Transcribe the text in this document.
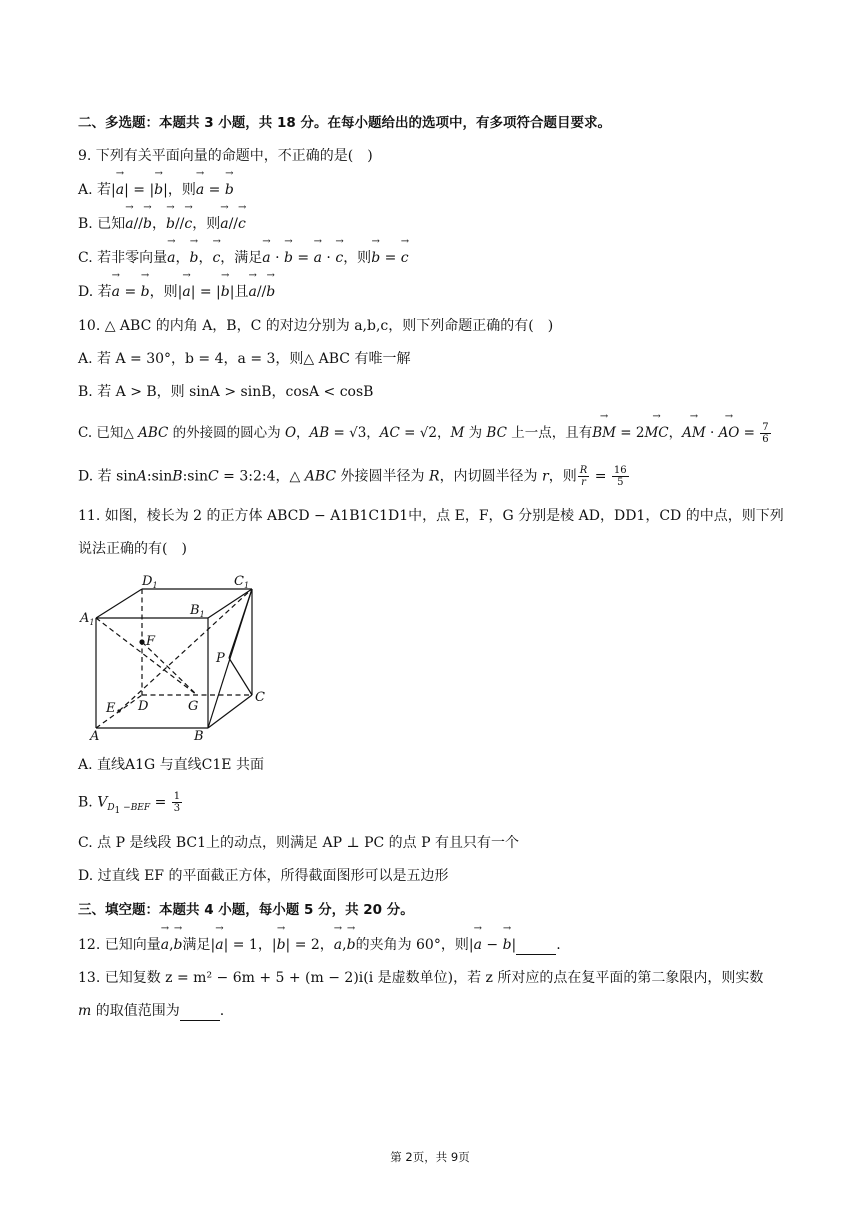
二、多选题：本题共 3 小题，共 18 分。在每小题给出的选项中，有多项符合题目要求。
9. 下列有关平面向量的命题中，不正确的是(　)
A. 若|→ a| = |→ b|，则→ a = → b
B. 已知→ a//→ b，→ b//→ c，则→ a//→ c
C. 若非零向量→ a，→ b，→ c，满足→ a · → b = → a · → c，则→ b = → c
D. 若→ a = → b，则|→ a| = |→ b|且→ a//→ b
10. △ ABC 的内角 A，B，C 的对边分别为 a,b,c，则下列命题正确的有(　)
A. 若 A = 30°，b = 4，a = 3，则△ ABC 有唯一解
B. 若 A > B，则 sinA > sinB，cosA < cosB
C. 已知△ ABC 的外接圆的圆心为 O，AB = √3，AC = √2，M 为 BC 上一点，且有→ BM = 2→ MC，→ AM · → AO = $\frac{7}{6}$
D. 若 sinA:sinB:sinC = 3:2:4，△ ABC 外接圆半径为 R，内切圆半径为 r，则 $\frac{R}{r} = \frac{16}{5}$
11. 如图，棱长为 2 的正方体 ABCD − A1B1C1D1中，点 E，F，G 分别是棱 AD，DD1，CD 的中点，则下列
说法正确的有(　)
$D_1$	$C_1$
$A_1$
$B_1$
F
P
E D	G
C
A	B
A. 直线A1G 与直线C1E 共面
B. $V_{D_1 -BEF} = \frac{1}{3}$
C. 点 P 是线段 BC1上的动点，则满足 AP ⊥ PC 的点 P 有且只有一个
D. 过直线 EF 的平面截正方体，所得截面图形可以是五边形
三、填空题：本题共 4 小题，每小题 5 分，共 20 分。
12. 已知向量→ a,→ b满足|→ a| = 1，|→ b| = 2，→ a,→ b的夹角为 60°，则|→ a − → b|	.
13. 已知复数 z = m² − 6m + 5 + (m − 2)i(i 是虚数单位)，若 z 所对应的点在复平面的第二象限内，则实数
m 的取值范围为	.
第 2页，共 9页
